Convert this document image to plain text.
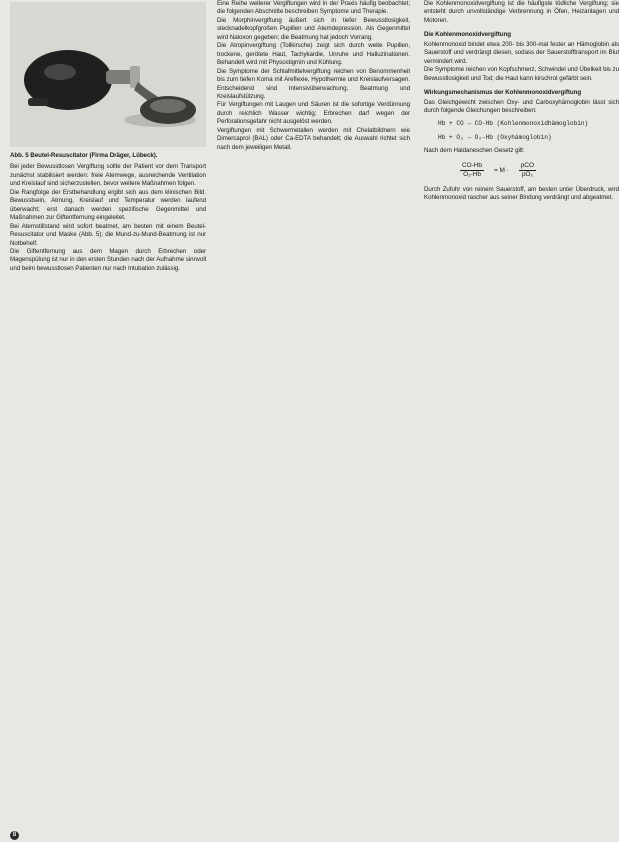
Abb. 5 Beutel-Resuscitator (Firma Dräger, Lübeck).

Bei jeder Bewusstlosen Vergiftung sollte der Patient vor dem Transport zunächst stabilisiert werden: freie Atemwege, ausreichende Ventilation und Kreislauf sind sicherzustellen, bevor weitere Maßnahmen folgen.

Die Rangfolge der Erstbehandlung ergibt sich aus dem klinischen Bild. Bewusstsein, Atmung, Kreislauf und Temperatur werden laufend überwacht; erst danach werden spezifische Gegenmittel und Maßnahmen zur Giftentfernung eingeleitet.

Bei Atemstillstand wird sofort beatmet, am besten mit einem Beutel-Resuscitator und Maske (Abb. 5); die Mund-zu-Mund-Beatmung ist nur Notbehelf.

Die Giftentfernung aus dem Magen durch Erbrechen oder Magenspülung ist nur in den ersten Stunden nach der Aufnahme sinnvoll und beim bewusstlosen Patienten nur nach Intubation zulässig.

Eine Reihe weiterer Vergiftungen wird in der Praxis häufig beobachtet; die folgenden Abschnitte beschreiben Symptome und Therapie.

Die Morphinvergiftung äußert sich in tiefer Bewusstlosigkeit, stecknadelkopfgroßen Pupillen und Atemdepression. Als Gegenmittel wird Naloxon gegeben; die Beatmung hat jedoch Vorrang.

Die Atropinvergiftung (Tollkirsche) zeigt sich durch weite Pupillen, trockene, gerötete Haut, Tachykardie, Unruhe und Halluzinationen. Behandelt wird mit Physostigmin und Kühlung.

Die Symptome der Schlafmittelvergiftung reichen von Benommenheit bis zum tiefen Koma mit Areflexie, Hypothermie und Kreislaufversagen. Entscheidend sind Intensivüberwachung, Beatmung und Kreislaufstützung.

Für Vergiftungen mit Laugen und Säuren ist die sofortige Verdünnung durch reichlich Wasser wichtig; Erbrechen darf wegen der Perforationsgefahr nicht ausgelöst werden.

Vergiftungen mit Schwermetallen werden mit Chelatbildnern wie Dimercaprol (BAL) oder Ca-EDTA behandelt; die Auswahl richtet sich nach dem jeweiligen Metall.

Die Kohlenmonoxidvergiftung ist die häufigste tödliche Vergiftung; sie entsteht durch unvollständige Verbrennung in Öfen, Heizanlagen und Motoren.

Die Kohlenmonoxidvergiftung

Kohlenmonoxid bindet etwa 200- bis 300-mal fester an Hämoglobin als Sauerstoff und verdrängt diesen, sodass der Sauerstofftransport im Blut vermindert wird.

Die Symptome reichen von Kopfschmerz, Schwindel und Übelkeit bis zu Bewusstlosigkeit und Tod; die Haut kann kirschrot gefärbt sein.

Wirkungsmechanismus der Kohlenmonoxidvergiftung

Das Gleichgewicht zwischen Oxy- und Carboxyhämoglobin lässt sich durch folgende Gleichungen beschreiben:

Hb + CO → CO-Hb (Kohlenmonoxidhämoglobin)
Hb + O₂ → O₂-Hb (Oxyhämoglobin)

Nach dem Haldaneschen Gesetz gilt:

$\frac{CO-Hb}{\text{O₂-Hb}} = M \cdot \frac{\text{pCO}}{\text{pO₂}}$

Durch Zufuhr von reinem Sauerstoff, am besten unter Überdruck, wird Kohlenmonoxid rascher aus seiner Bindung verdrängt und abgeatmet.

8
